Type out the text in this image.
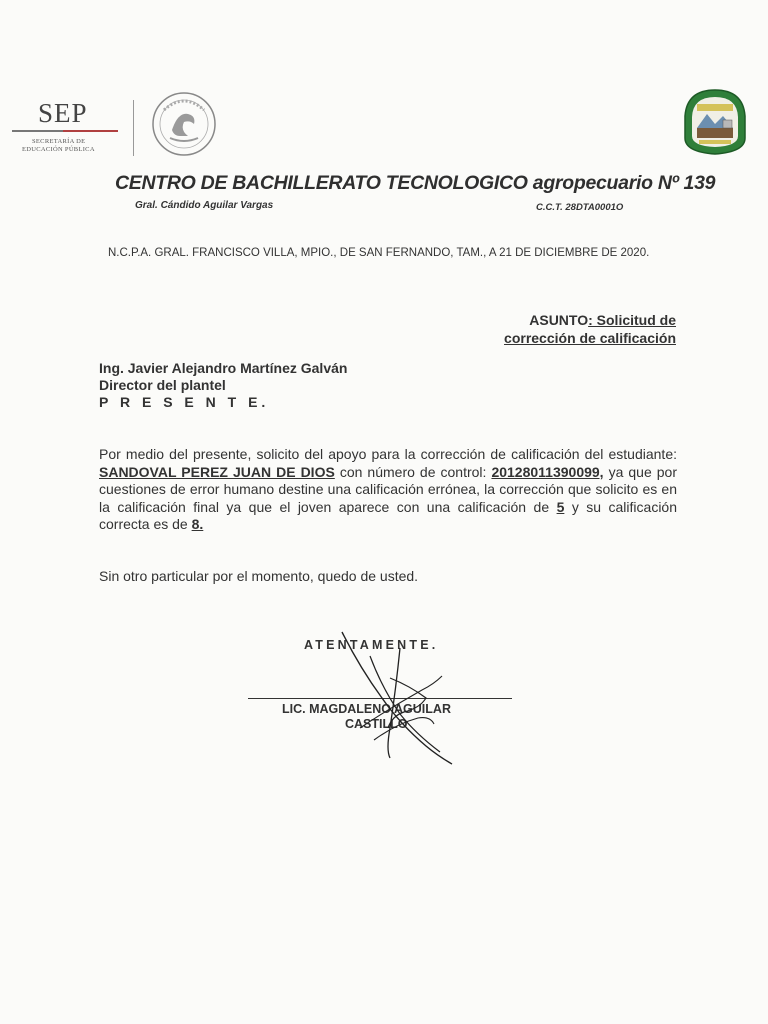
SEP
SECRETARÍA DE
EDUCACIÓN PÚBLICA
CENTRO DE BACHILLERATO TECNOLOGICO agropecuario Nº 139
Gral. Cándido Aguilar Vargas	C.C.T. 28DTA0001O
N.C.P.A. GRAL. FRANCISCO VILLA, MPIO., DE SAN FERNANDO, TAM., A 21 DE DICIEMBRE DE 2020.
ASUNTO: Solicitud de
corrección de calificación
Ing. Javier Alejandro Martínez Galván
Director del plantel
P R E S E N T E.
Por medio del presente, solicito del apoyo para la corrección de calificación del estudiante: SANDOVAL PEREZ JUAN DE DIOS con número de control: 20128011390099, ya que por cuestiones de error humano destine una calificación errónea, la corrección que solicito es en la calificación final ya que el joven aparece con una calificación de 5 y su calificación correcta es de 8.
Sin otro particular por el momento, quedo de usted.
ATENTAMENTE.
LIC. MAGDALENO AGUILAR
CASTILLO
